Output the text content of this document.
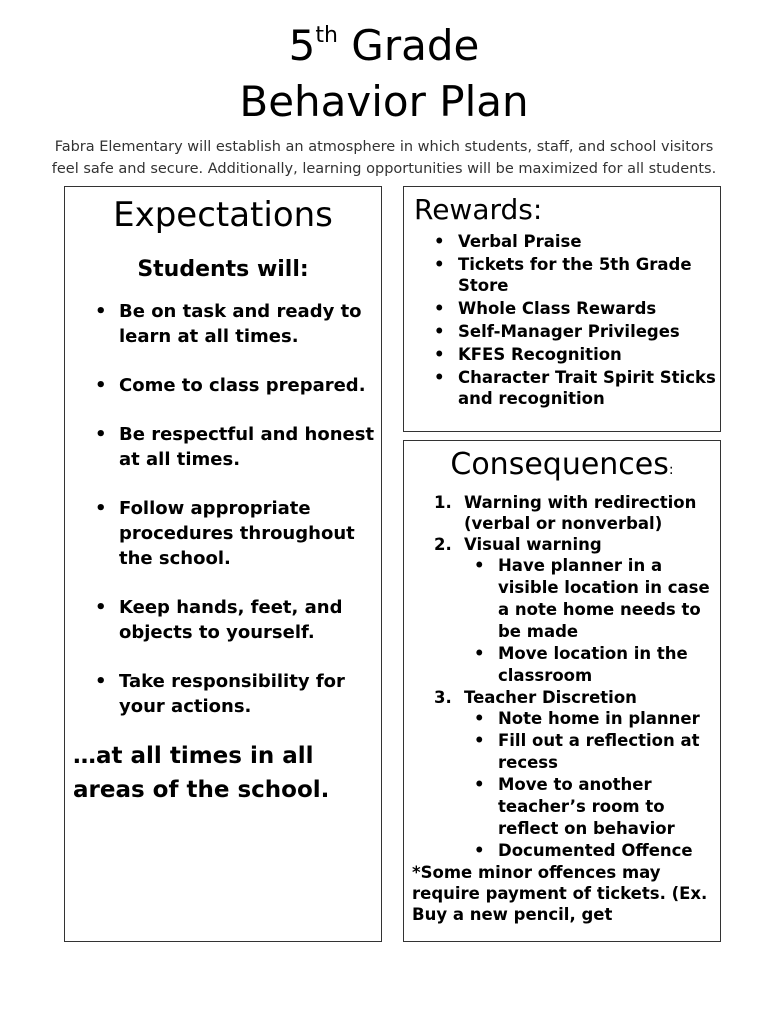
5th Grade
Behavior Plan
Fabra Elementary will establish an atmosphere in which students, staff, and school visitors feel safe and secure. Additionally, learning opportunities will be maximized for all students.
Expectations
Students will:
• Be on task and ready to learn at all times.
• Come to class prepared.
• Be respectful and honest at all times.
• Follow appropriate procedures throughout the school.
• Keep hands, feet, and objects to yourself.
• Take responsibility for your actions.
…at all times in all areas of the school.
Rewards:
• Verbal Praise
• Tickets for the 5th Grade Store
• Whole Class Rewards
• Self-Manager Privileges
• KFES Recognition
• Character Trait Spirit Sticks and recognition
Consequences:
1. Warning with redirection (verbal or nonverbal)
2. Visual warning
• Have planner in a visible location in case a note home needs to be made
• Move location in the classroom
3. Teacher Discretion
• Note home in planner
• Fill out a reflection at recess
• Move to another teacher’s room to reflect on behavior
• Documented Offence
*Some minor offences may require payment of tickets. (Ex. Buy a new pencil, get
